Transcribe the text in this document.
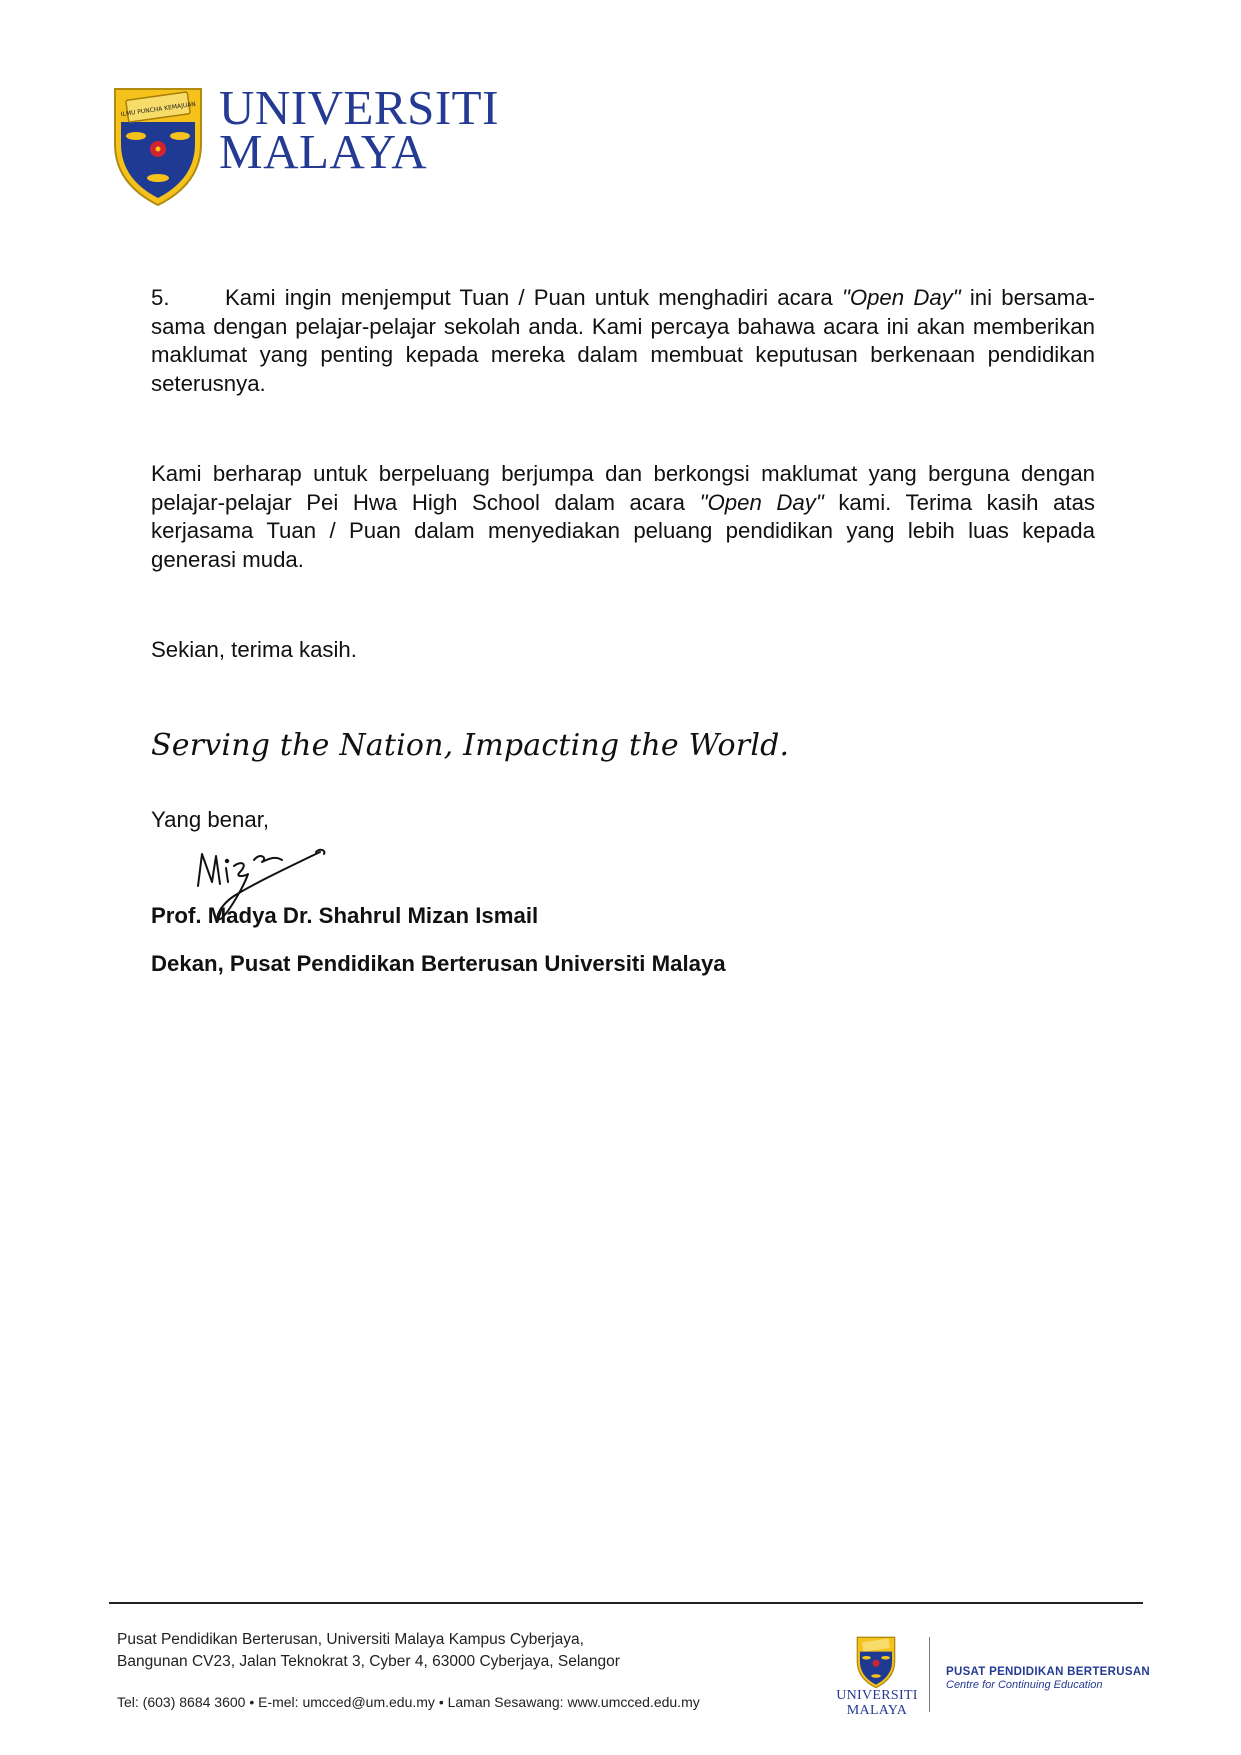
ILMU PUNCHA KEMAJUAN UNIVERSITI
MALAYA
5. Kami ingin menjemput Tuan / Puan untuk menghadiri acara "Open Day" ini bersama-sama dengan pelajar-pelajar sekolah anda. Kami percaya bahawa acara ini akan memberikan maklumat yang penting kepada mereka dalam membuat keputusan berkenaan pendidikan seterusnya.
Kami berharap untuk berpeluang berjumpa dan berkongsi maklumat yang berguna dengan pelajar-pelajar Pei Hwa High School dalam acara "Open Day" kami. Terima kasih atas kerjasama Tuan / Puan dalam menyediakan peluang pendidikan yang lebih luas kepada generasi muda.
Sekian, terima kasih.
Serving the Nation, Impacting the World.
Yang benar,
Prof. Madya Dr. Shahrul Mizan Ismail
Dekan, Pusat Pendidikan Berterusan Universiti Malaya
Pusat Pendidikan Berterusan, Universiti Malaya Kampus Cyberjaya,
Bangunan CV23, Jalan Teknokrat 3, Cyber 4, 63000 Cyberjaya, Selangor
Tel: (603) 8684 3600 • E-mel: umcced@um.edu.my • Laman Sesawang: www.umcced.edu.my	UNIVERSITI
MALAYA
PUSAT PENDIDIKAN BERTERUSAN
Centre for Continuing Education
